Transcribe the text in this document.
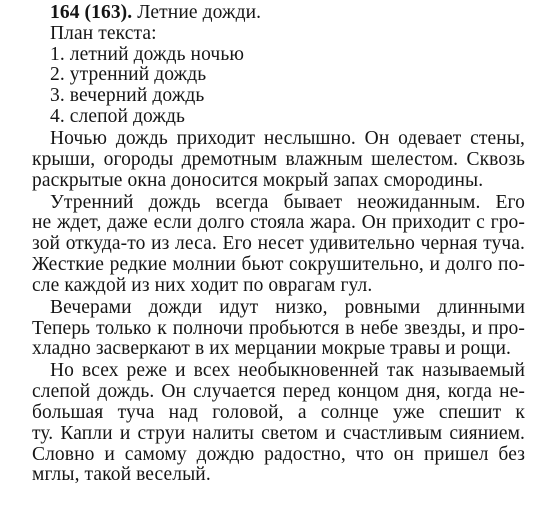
164 (163). Летние дожди.
План текста:
1. летний дождь ночью
2. утренний дождь
3. вечерний дождь
4. слепой дождь
Ночью дождь приходит неслышно. Он одевает стены,
крыши, огороды дремотным влажным шелестом. Сквозь
раскрытые окна доносится мокрый запах смородины.
Утренний дождь всегда бывает неожиданным. Его
не ждет, даже если долго стояла жара. Он приходит с гро-
зой откуда-то из леса. Его несет удивительно черная туча.
Жесткие редкие молнии бьют сокрушительно, и долго по-
сле каждой из них ходит по оврагам гул.
Вечерами дожди идут низко, ровными длинными
Теперь только к полночи пробьются в небе звезды, и про-
хладно засверкают в их мерцании мокрые травы и рощи.
Но всех реже и всех необыкновенней так называемый
слепой дождь. Он случается перед концом дня, когда не-
большая туча над головой, а солнце уже спешит к
ту. Капли и струи налиты светом и счастливым сиянием.
Словно и самому дождю радостно, что он пришел без
мглы, такой веселый.
